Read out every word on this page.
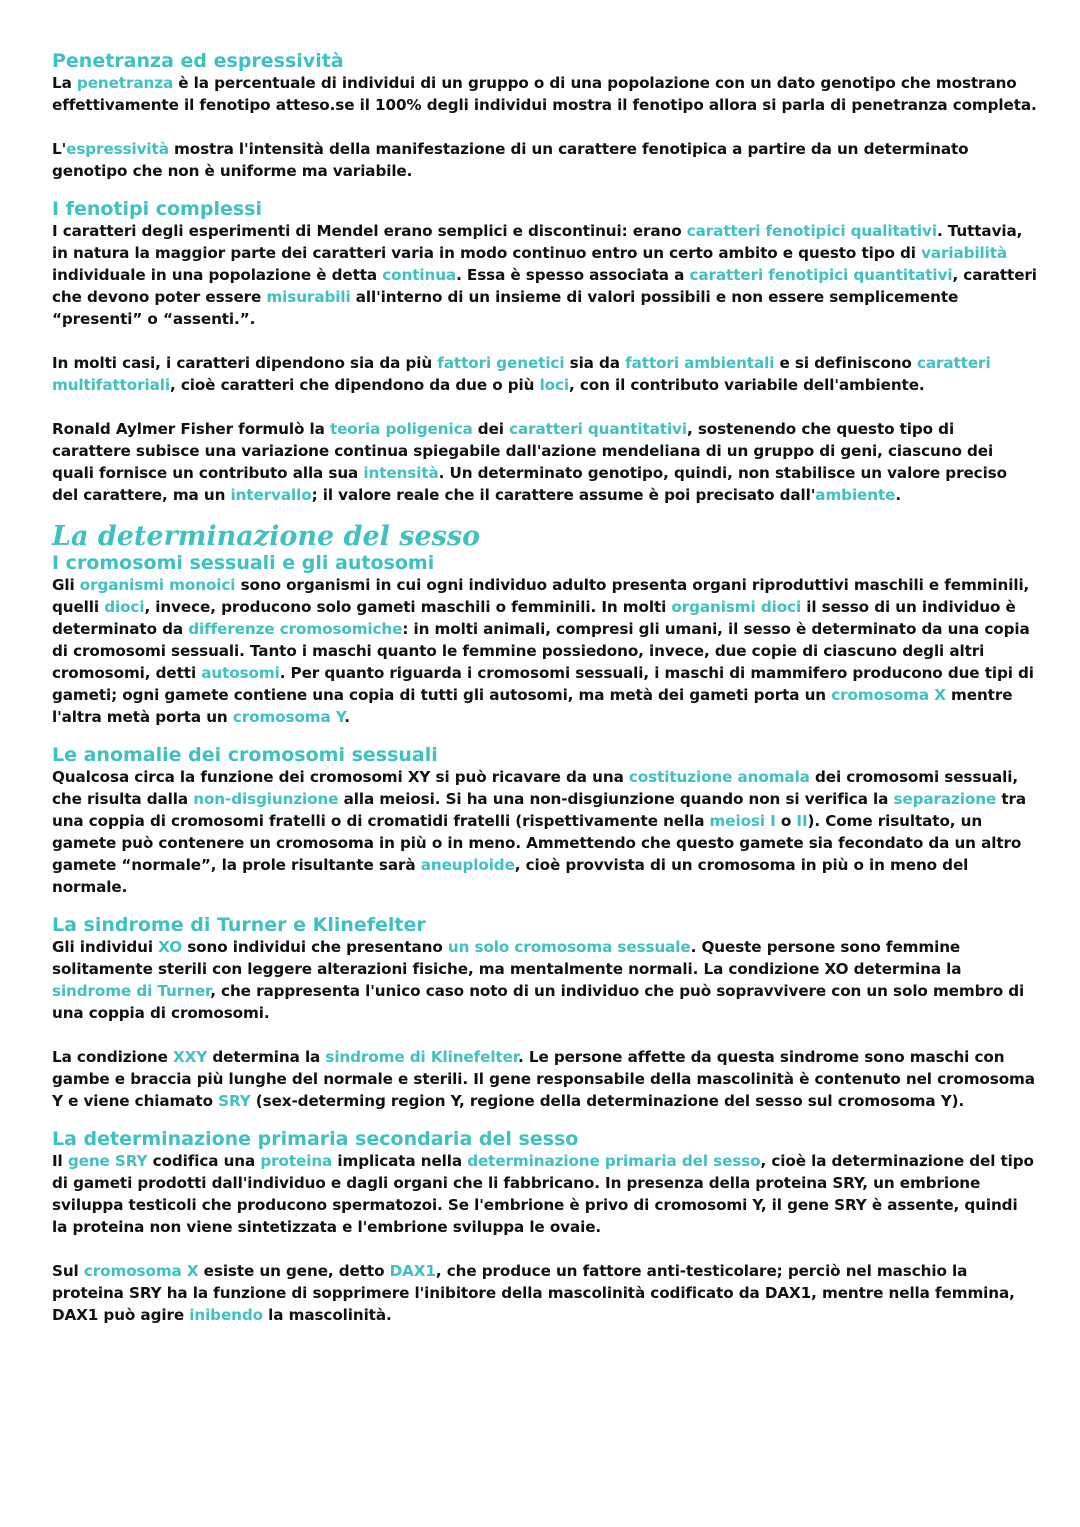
Penetranza ed espressività

La penetranza è la percentuale di individui di un gruppo o di una popolazione con un dato genotipo che mostrano effettivamente il fenotipo atteso.se il 100% degli individui mostra il fenotipo allora si parla di penetranza completa.

L'espressività mostra l'intensità della manifestazione di un carattere fenotipica a partire da un determinato genotipo che non è uniforme ma variabile.

I fenotipi complessi

I caratteri degli esperimenti di Mendel erano semplici e discontinui: erano caratteri fenotipici qualitativi. Tuttavia, in natura la maggior parte dei caratteri varia in modo continuo entro un certo ambito e questo tipo di variabilità individuale in una popolazione è detta continua. Essa è spesso associata a caratteri fenotipici quantitativi, caratteri che devono poter essere misurabili all'interno di un insieme di valori possibili e non essere semplicemente “presenti” o “assenti.”.

In molti casi, i caratteri dipendono sia da più fattori genetici sia da fattori ambientali e si definiscono caratteri multifattoriali, cioè caratteri che dipendono da due o più loci, con il contributo variabile dell'ambiente.

Ronald Aylmer Fisher formulò la teoria poligenica dei caratteri quantitativi, sostenendo che questo tipo di carattere subisce una variazione continua spiegabile dall'azione mendeliana di un gruppo di geni, ciascuno dei quali fornisce un contributo alla sua intensità. Un determinato genotipo, quindi, non stabilisce un valore preciso del carattere, ma un intervallo; il valore reale che il carattere assume è poi precisato dall'ambiente.

La determinazione del sesso
I cromosomi sessuali e gli autosomi

Gli organismi monoici sono organismi in cui ogni individuo adulto presenta organi riproduttivi maschili e femminili, quelli dioci, invece, producono solo gameti maschili o femminili. In molti organismi dioci il sesso di un individuo è determinato da differenze cromosomiche: in molti animali, compresi gli umani, il sesso è determinato da una copia di cromosomi sessuali. Tanto i maschi quanto le femmine possiedono, invece, due copie di ciascuno degli altri cromosomi, detti autosomi. Per quanto riguarda i cromosomi sessuali, i maschi di mammifero producono due tipi di gameti; ogni gamete contiene una copia di tutti gli autosomi, ma metà dei gameti porta un cromosoma X mentre l'altra metà porta un cromosoma Y.

Le anomalie dei cromosomi sessuali

Qualcosa circa la funzione dei cromosomi XY si può ricavare da una costituzione anomala dei cromosomi sessuali, che risulta dalla non-disgiunzione alla meiosi. Si ha una non-disgiunzione quando non si verifica la separazione tra una coppia di cromosomi fratelli o di cromatidi fratelli (rispettivamente nella meiosi I o II). Come risultato, un gamete può contenere un cromosoma in più o in meno. Ammettendo che questo gamete sia fecondato da un altro gamete “normale”, la prole risultante sarà aneuploide, cioè provvista di un cromosoma in più o in meno del normale.

La sindrome di Turner e Klinefelter

Gli individui XO sono individui che presentano un solo cromosoma sessuale. Queste persone sono femmine solitamente sterili con leggere alterazioni fisiche, ma mentalmente normali. La condizione XO determina la sindrome di Turner, che rappresenta l'unico caso noto di un individuo che può sopravvivere con un solo membro di una coppia di cromosomi.

La condizione XXY determina la sindrome di Klinefelter. Le persone affette da questa sindrome sono maschi con gambe e braccia più lunghe del normale e sterili. Il gene responsabile della mascolinità è contenuto nel cromosoma Y e viene chiamato SRY (sex-determing region Y, regione della determinazione del sesso sul cromosoma Y).

La determinazione primaria secondaria del sesso

Il gene SRY codifica una proteina implicata nella determinazione primaria del sesso, cioè la determinazione del tipo di gameti prodotti dall'individuo e dagli organi che li fabbricano. In presenza della proteina SRY, un embrione sviluppa testicoli che producono spermatozoi. Se l'embrione è privo di cromosomi Y, il gene SRY è assente, quindi la proteina non viene sintetizzata e l'embrione sviluppa le ovaie.

Sul cromosoma X esiste un gene, detto DAX1, che produce un fattore anti-testicolare; perciò nel maschio la proteina SRY ha la funzione di sopprimere l'inibitore della mascolinità codificato da DAX1, mentre nella femmina, DAX1 può agire inibendo la mascolinità.
